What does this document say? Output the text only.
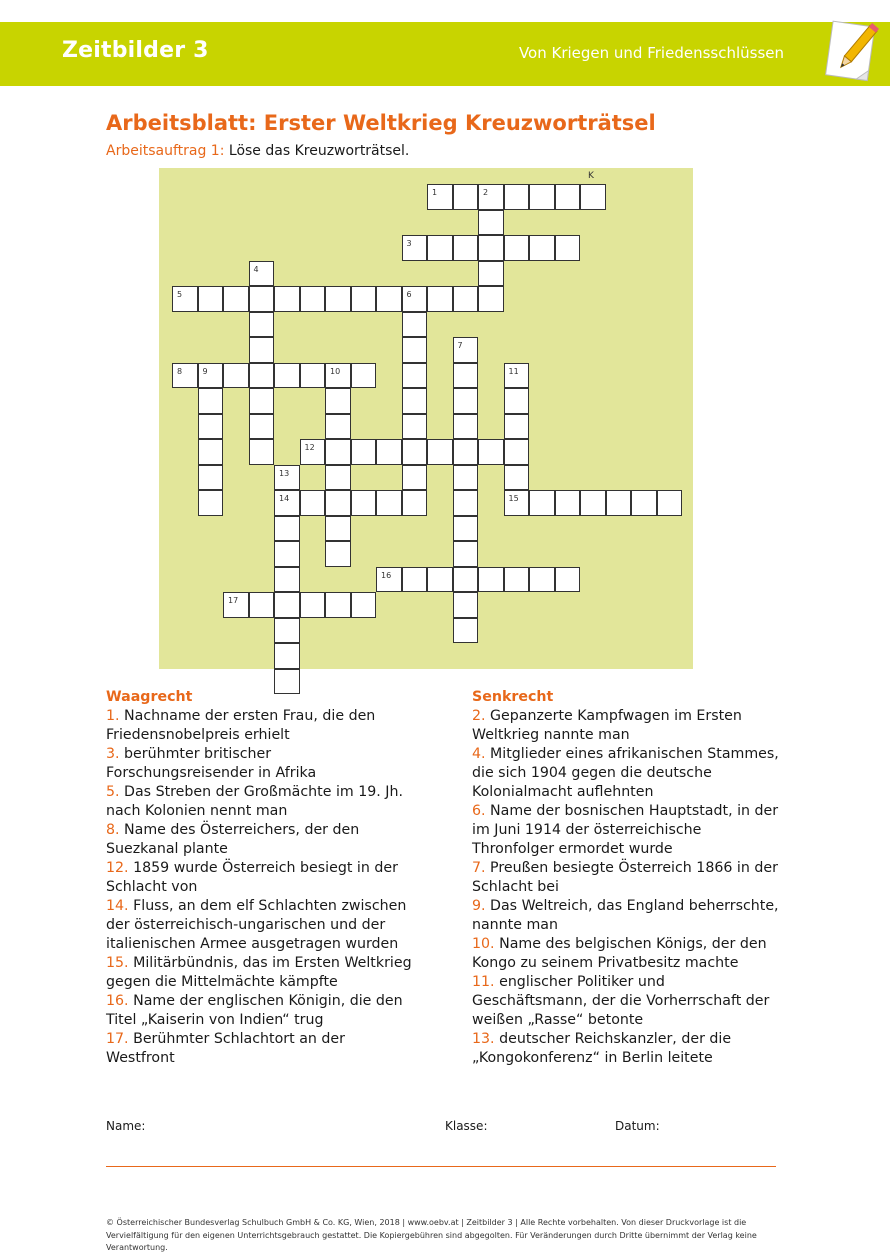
Zeitbilder 3	Von Kriegen und Friedensschlüssen
Arbeitsblatt: Erster Weltkrieg Kreuzworträtsel
Arbeitsauftrag 1: Löse das Kreuzworträtsel.
1	2
3
4
5	6
7
8	9	10	11
15
12
13
14
16
17
K
Waagrecht
1. Nachname der ersten Frau, die den Friedensnobelpreis erhielt
3. berühmter britischer Forschungsreisender in Afrika
5. Das Streben der Großmächte im 19. Jh. nach Kolonien nennt man
8. Name des Österreichers, der den Suezkanal plante
12. 1859 wurde Österreich besiegt in der Schlacht von
14. Fluss, an dem elf Schlachten zwischen der österreichisch-ungarischen und der italienischen Armee ausgetragen wurden
15. Militärbündnis, das im Ersten Weltkrieg gegen die Mittelmächte kämpfte
16. Name der englischen Königin, die den Titel „Kaiserin von Indien“ trug
17. Berühmter Schlachtort an der Westfront
Senkrecht
2. Gepanzerte Kampfwagen im Ersten Weltkrieg nannte man
4. Mitglieder eines afrikanischen Stammes, die sich 1904 gegen die deutsche Kolonialmacht auflehnten
6. Name der bosnischen Hauptstadt, in der im Juni 1914 der österreichische Thronfolger ermordet wurde
7. Preußen besiegte Österreich 1866 in der Schlacht bei
9. Das Weltreich, das England beherrschte, nannte man
10. Name des belgischen Königs, der den Kongo zu seinem Privatbesitz machte
11. englischer Politiker und Geschäftsmann, der die Vorherrschaft der weißen „Rasse“ betonte
13. deutscher Reichskanzler, der die „Kongokonferenz“ in Berlin leitete
Name:	Klasse:	Datum:
© Österreichischer Bundesverlag Schulbuch GmbH & Co. KG, Wien, 2018 | www.oebv.at | Zeitbilder 3 | Alle Rechte vorbehalten. Von dieser Druckvorlage ist die Vervielfältigung für den eigenen Unterrichtsgebrauch gestattet. Die Kopiergebühren sind abgegolten. Für Veränderungen durch Dritte übernimmt der Verlag keine Verantwortung.
